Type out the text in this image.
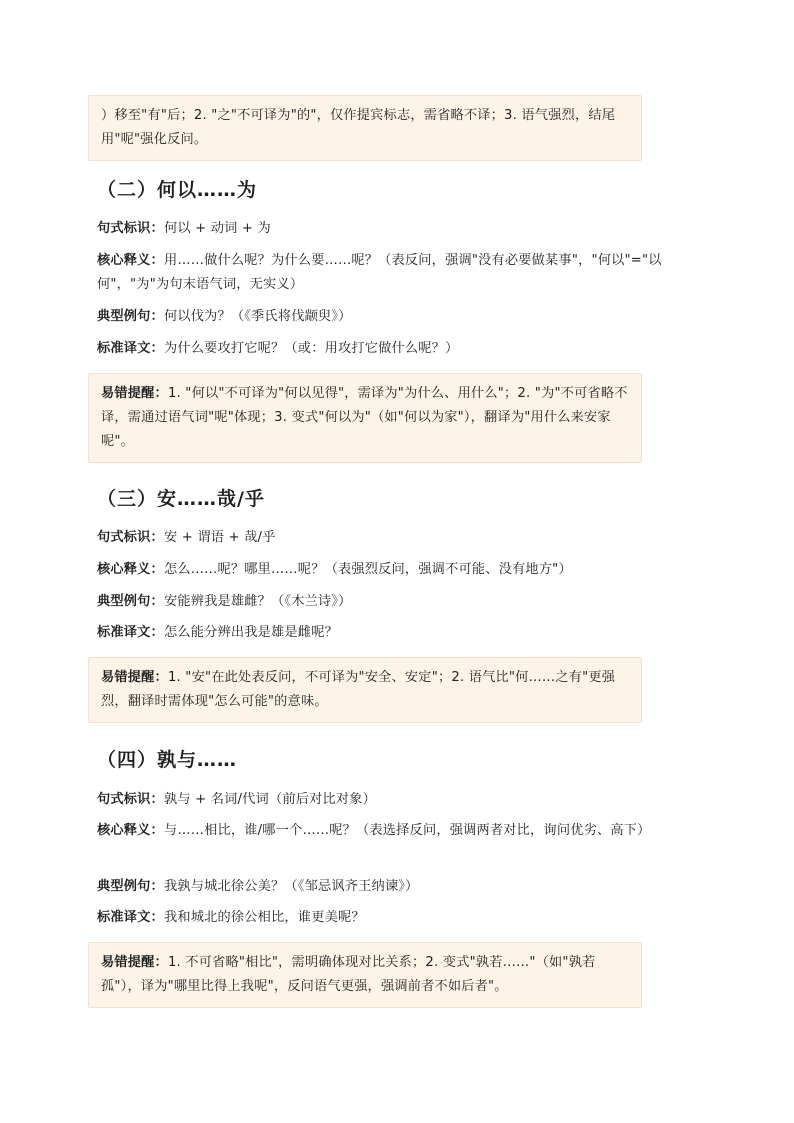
）移至"有"后；2. "之"不可译为"的"，仅作提宾标志，需省略不译；3. 语气强烈，结尾用"呢"强化反问。
（二）何以……为
句式标识：何以 + 动词 + 为
核心释义：用……做什么呢？为什么要……呢？（表反问，强调"没有必要做某事"，"何以"="以何"，"为"为句末语气词，无实义）
典型例句：何以伐为？（《季氏将伐颛臾》）
标准译文：为什么要攻打它呢？（或：用攻打它做什么呢？）
易错提醒：1. "何以"不可译为"何以见得"，需译为"为什么、用什么"；2. "为"不可省略不译，需通过语气词"呢"体现；3. 变式"何以为"（如"何以为家"），翻译为"用什么来安家呢"。
（三）安……哉/乎
句式标识：安 + 谓语 + 哉/乎
核心释义：怎么……呢？哪里……呢？（表强烈反问，强调不可能、没有地方"）
典型例句：安能辨我是雄雌？（《木兰诗》）
标准译文：怎么能分辨出我是雄是雌呢？
易错提醒：1. "安"在此处表反问，不可译为"安全、安定"；2. 语气比"何……之有"更强烈，翻译时需体现"怎么可能"的意味。
（四）孰与……
句式标识：孰与 + 名词/代词（前后对比对象）
核心释义：与……相比，谁/哪一个……呢？（表选择反问，强调两者对比，询问优劣、高下）
典型例句：我孰与城北徐公美？（《邹忌讽齐王纳谏》）
标准译文：我和城北的徐公相比，谁更美呢？
易错提醒：1. 不可省略"相比"，需明确体现对比关系；2. 变式"孰若……"（如"孰若孤"），译为"哪里比得上我呢"，反问语气更强，强调前者不如后者"。
